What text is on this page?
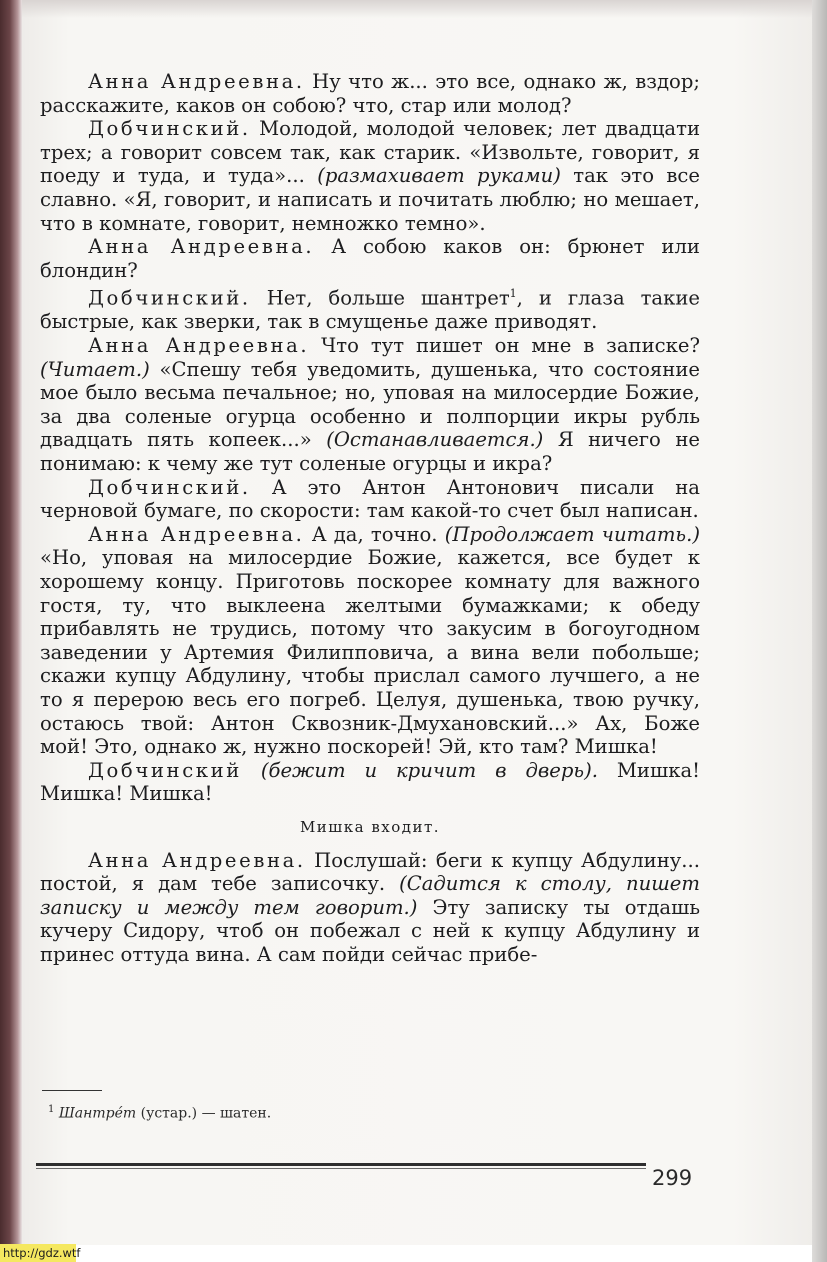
Анна Андреевна. Ну что ж... это все, однако ж, вздор; расскажите, каков он собою? что, стар или молод?

Добчинский. Молодой, молодой человек; лет двадцати трех; а говорит совсем так, как старик. «Извольте, говорит, я поеду и туда, и туда»... (размахивает руками) так это все славно. «Я, говорит, и написать и почитать люблю; но мешает, что в комнате, говорит, немножко темно».

Анна Андреевна. А собою каков он: брюнет или блондин?

Добчинский. Нет, больше шантрет$^1$, и глаза такие быстрые, как зверки, так в смущенье даже приводят.

Анна Андреевна. Что тут пишет он мне в записке? (Читает.) «Спешу тебя уведомить, душенька, что состояние мое было весьма печальное; но, уповая на милосердие Божие, за два соленые огурца особенно и полпорции икры рубль двадцать пять копеек...» (Останавливается.) Я ничего не понимаю: к чему же тут соленые огурцы и икра?

Добчинский. А это Антон Антонович писали на черновой бумаге, по скорости: там какой-то счет был написан.

Анна Андреевна. А да, точно. (Продолжает читать.) «Но, уповая на милосердие Божие, кажется, все будет к хорошему концу. Приготовь поскорее комнату для важного гостя, ту, что выклеена желтыми бумажками; к обеду прибавлять не трудись, потому что закусим в богоугодном заведении у Артемия Филипповича, а вина вели побольше; скажи купцу Абдулину, чтобы прислал самого лучшего, а не то я перерою весь его погреб. Целуя, душенька, твою ручку, остаюсь твой: Антон Сквозник-Дмухановский...» Ах, Боже мой! Это, однако ж, нужно поскорей! Эй, кто там? Мишка!

Добчинский (бежит и кричит в дверь). Мишка! Мишка! Мишка!

Мишка входит.

Анна Андреевна. Послушай: беги к купцу Абдулину... постой, я дам тебе записочку. (Садится к столу, пишет записку и между тем говорит.) Эту записку ты отдашь кучеру Сидору, чтоб он побежал с ней к купцу Абдулину и принес оттуда вина. А сам пойди сейчас прибе-

$^1$ Шантрéт (устар.) — шатен.
299
http://gdz.wtf
